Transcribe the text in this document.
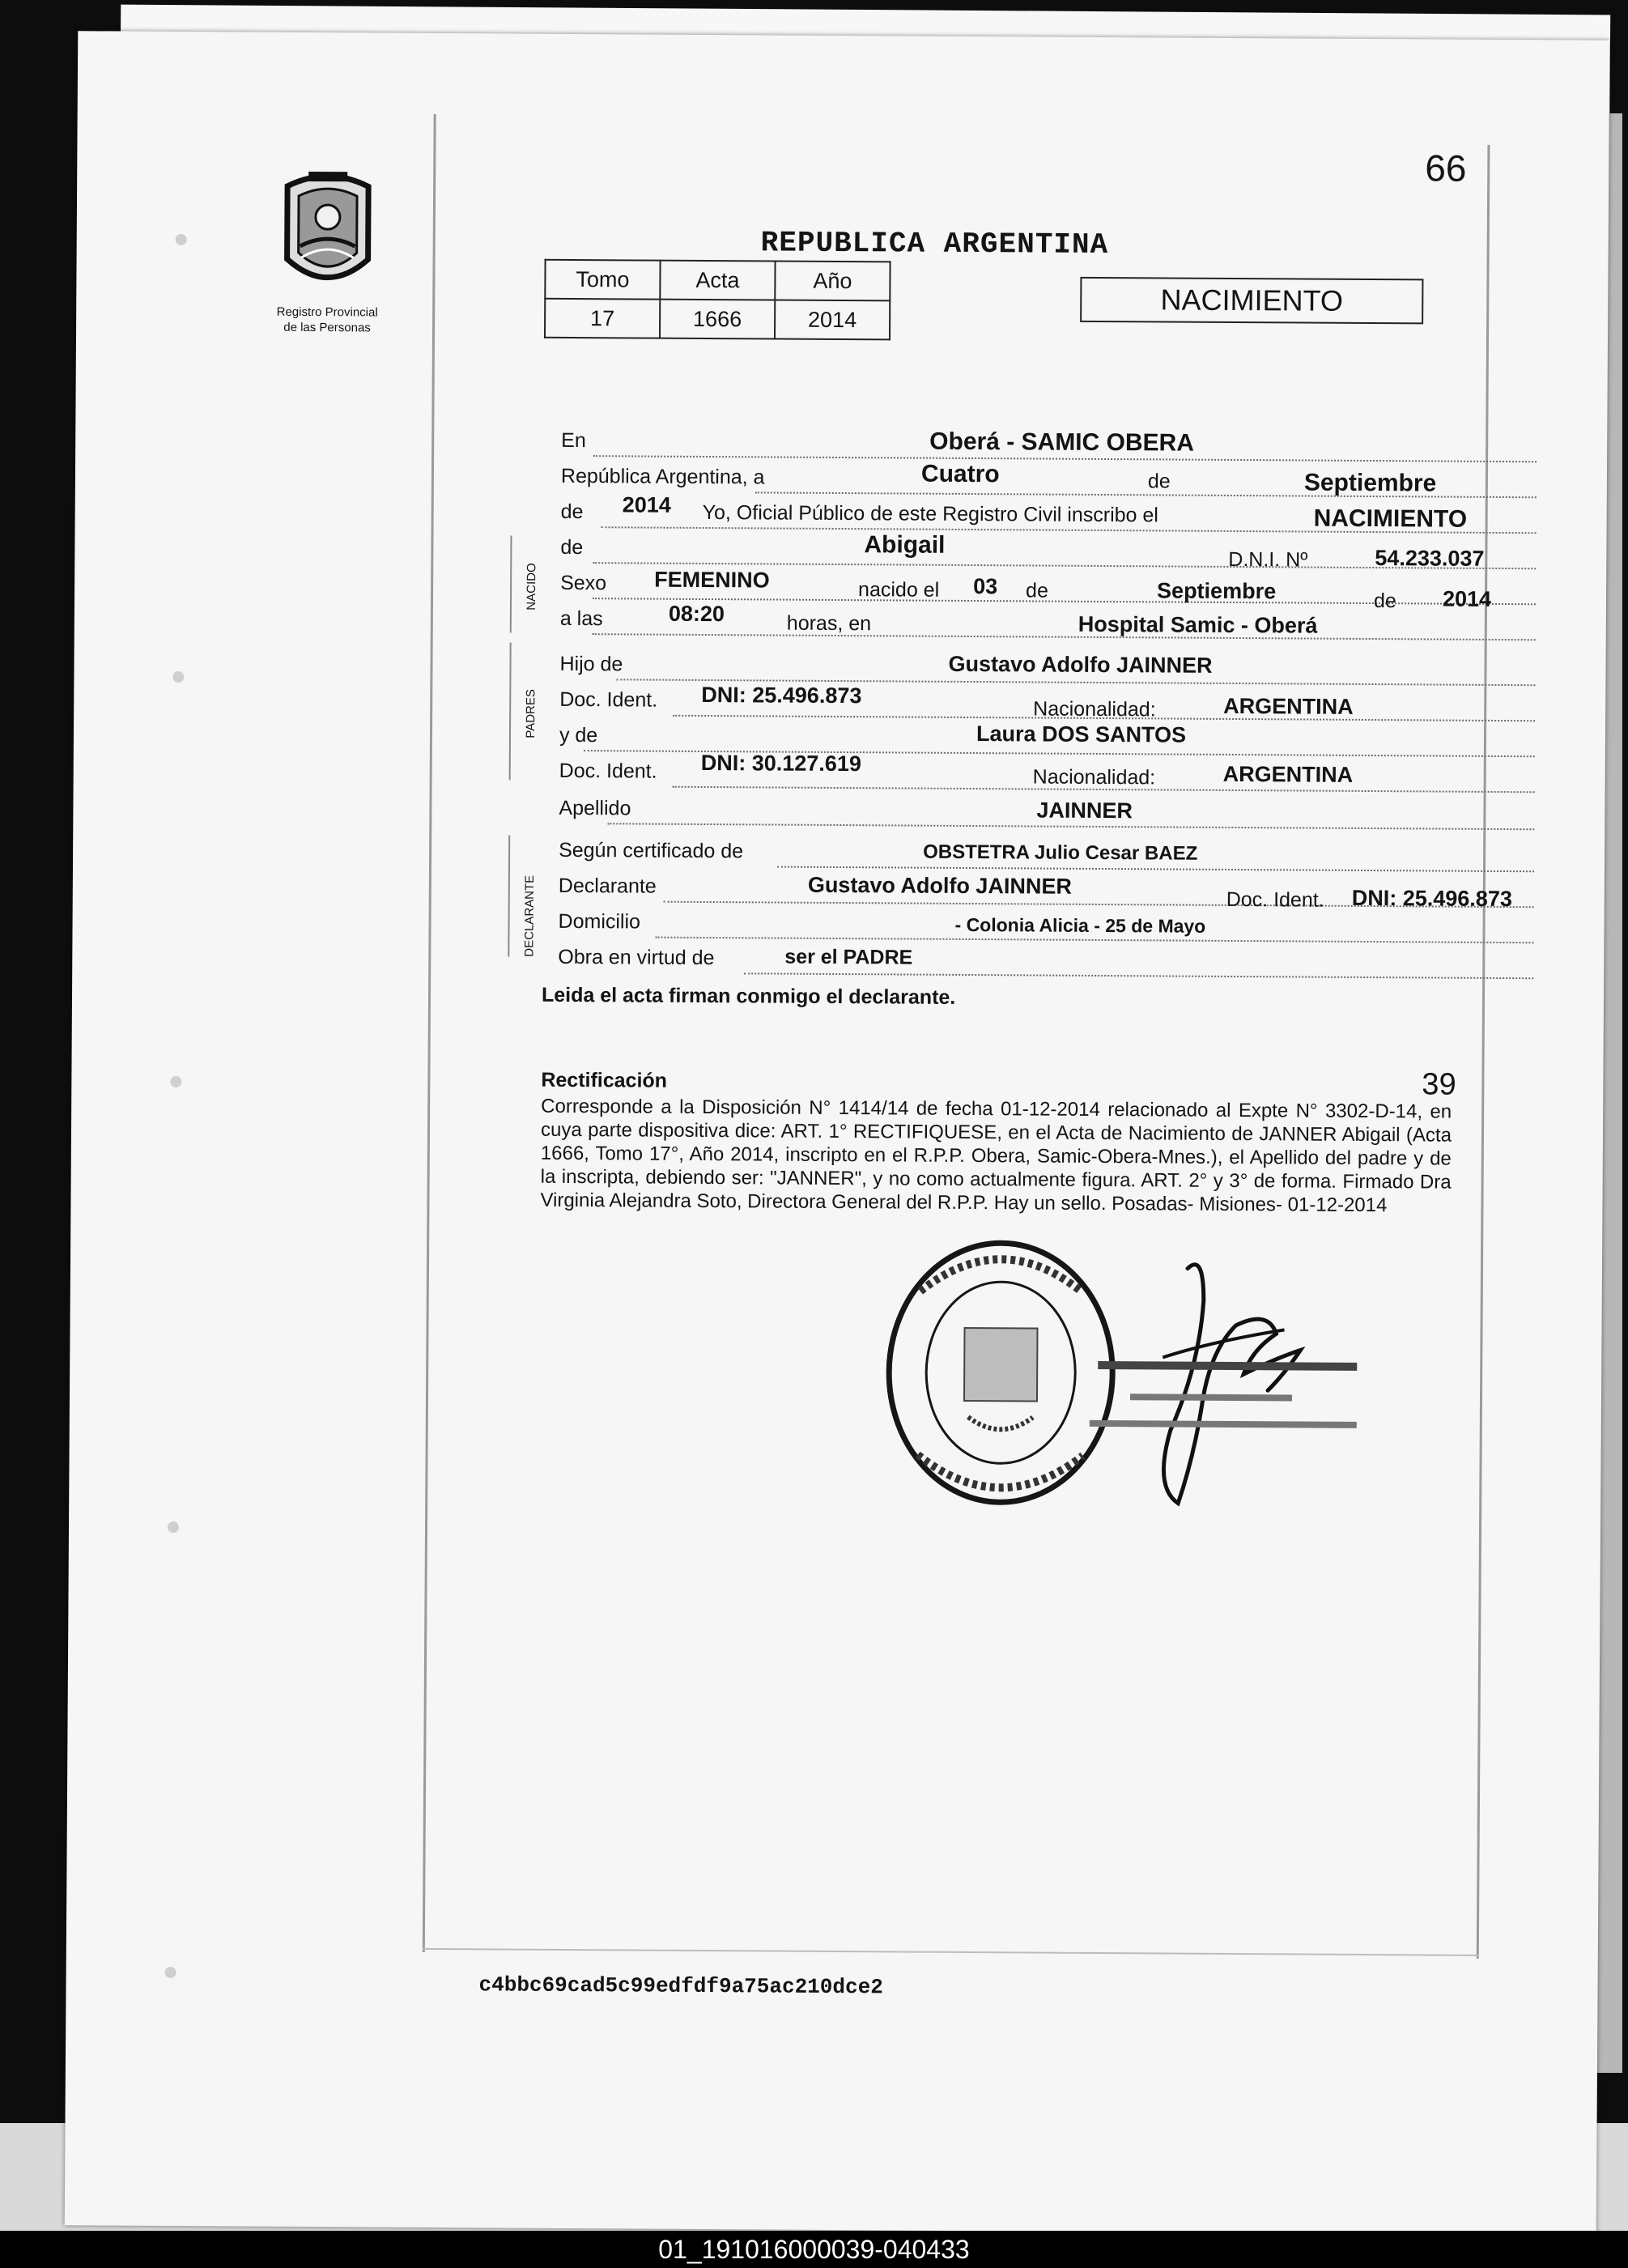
Registro Provincial
de las Personas
66
REPUBLICA ARGENTINA
Tomo	Acta	Año
17	1666	2014
NACIMIENTO
NACIDO
PADRES
DECLARANTE
En	Oberá - SAMIC OBERA
República Argentina, a	Cuatro	de	Septiembre
de 2014 Yo, Oficial Público de este Registro Civil inscribo el	NACIMIENTO
de	Abigail
D.N.I. Nº	54.233.037
Sexo FEMENINO	nacido el 03 de	Septiembre	de 2014
a las	08:20	horas, en	Hospital Samic - Oberá
Hijo de	Gustavo Adolfo JAINNER
Doc. Ident. DNI: 25.496.873
Nacionalidad:	ARGENTINA
y de	Laura DOS SANTOS
Doc. Ident. DNI: 30.127.619
Nacionalidad:	ARGENTINA
Apellido	JAINNER
Según certificado de	OBSTETRA Julio Cesar BAEZ
Declarante	Gustavo Adolfo JAINNER
Doc. Ident. DNI: 25.496.873
Domicilio	- Colonia Alicia - 25 de Mayo
Obra en virtud de	ser el PADRE
Leida el acta firman conmigo el declarante.
Rectificación	39
Corresponde a la Disposición N° 1414/14 de fecha 01-12-2014 relacionado al Expte N° 3302-D-14, en cuya parte dispositiva dice: ART. 1° RECTIFIQUESE, en el Acta de Nacimiento de JANNER Abigail (Acta 1666, Tomo 17°, Año 2014, inscripto en el R.P.P. Obera, Samic-Obera-Mnes.), el Apellido del padre y de la inscripta, debiendo ser: "JANNER", y no como actualmente figura. ART. 2° y 3° de forma. Firmado Dra Virginia Alejandra Soto, Directora General del R.P.P. Hay un sello. Posadas- Misiones- 01-12-2014
c4bbc69cad5c99edfdf9a75ac210dce2
01_191016000039-040433
